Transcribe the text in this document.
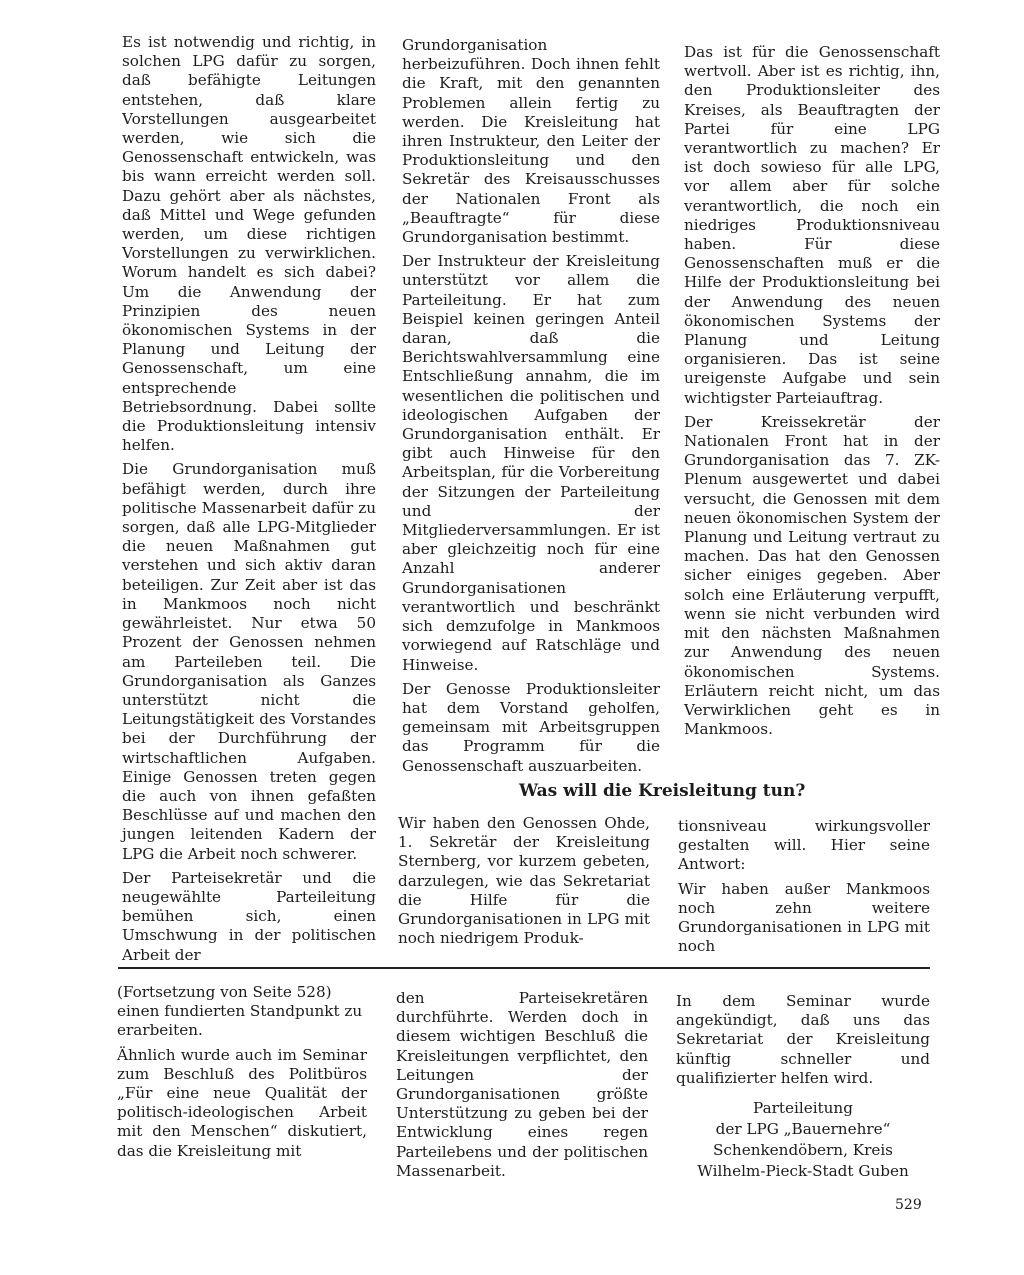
Es ist notwendig und richtig, in solchen LPG dafür zu sorgen, daß befähigte Leitungen entstehen, daß klare Vorstellungen ausgearbeitet werden, wie sich die Genossenschaft entwickeln, was bis wann erreicht werden soll. Dazu gehört aber als nächstes, daß Mittel und Wege gefunden werden, um diese richtigen Vorstellungen zu verwirklichen. Worum handelt es sich dabei? Um die Anwendung der Prinzipien des neuen ökonomischen Systems in der Planung und Leitung der Genossenschaft, um eine entsprechende Betriebsordnung. Dabei sollte die Produktionsleitung intensiv helfen.

Die Grundorganisation muß befähigt werden, durch ihre politische Massenarbeit dafür zu sorgen, daß alle LPG-Mitglieder die neuen Maßnahmen gut verstehen und sich aktiv daran beteiligen. Zur Zeit aber ist das in Mankmoos noch nicht gewährleistet. Nur etwa 50 Prozent der Genossen nehmen am Parteileben teil. Die Grundorganisation als Ganzes unterstützt nicht die Leitungstätigkeit des Vorstandes bei der Durchführung der wirtschaftlichen Aufgaben. Einige Genossen treten gegen die auch von ihnen gefaßten Beschlüsse auf und machen den jungen leitenden Kadern der LPG die Arbeit noch schwerer.

Der Parteisekretär und die neugewählte Parteileitung bemühen sich, einen Umschwung in der politischen Arbeit der

Grundorganisation herbeizuführen. Doch ihnen fehlt die Kraft, mit den genannten Problemen allein fertig zu werden. Die Kreisleitung hat ihren Instrukteur, den Leiter der Produktionsleitung und den Sekretär des Kreisausschusses der Nationalen Front als „Beauftragte“ für diese Grundorganisation bestimmt.

Der Instrukteur der Kreisleitung unterstützt vor allem die Parteileitung. Er hat zum Beispiel keinen geringen Anteil daran, daß die Berichtswahlversammlung eine Entschließung annahm, die im wesentlichen die politischen und ideologischen Aufgaben der Grundorganisation enthält. Er gibt auch Hinweise für den Arbeitsplan, für die Vorbereitung der Sitzungen der Parteileitung und der Mitgliederversammlungen. Er ist aber gleichzeitig noch für eine Anzahl anderer Grundorganisationen verantwortlich und beschränkt sich demzufolge in Mankmoos vorwiegend auf Ratschläge und Hinweise.

Der Genosse Produktionsleiter hat dem Vorstand geholfen, gemeinsam mit Arbeitsgruppen das Programm für die Genossenschaft auszuarbeiten.

Das ist für die Genossenschaft wertvoll. Aber ist es richtig, ihn, den Produktionsleiter des Kreises, als Beauftragten der Partei für eine LPG verantwortlich zu machen? Er ist doch sowieso für alle LPG, vor allem aber für solche verantwortlich, die noch ein niedriges Produktionsniveau haben. Für diese Genossenschaften muß er die Hilfe der Produktionsleitung bei der Anwendung des neuen ökonomischen Systems der Planung und Leitung organisieren. Das ist seine ureigenste Aufgabe und sein wichtigster Parteiauftrag.

Der Kreissekretär der Nationalen Front hat in der Grundorganisation das 7. ZK-Plenum ausgewertet und dabei versucht, die Genossen mit dem neuen ökonomischen System der Planung und Leitung vertraut zu machen. Das hat den Genossen sicher einiges gegeben. Aber solch eine Erläuterung verpufft, wenn sie nicht verbunden wird mit den nächsten Maßnahmen zur Anwendung des neuen ökonomischen Systems. Erläutern reicht nicht, um das Verwirklichen geht es in Mankmoos.

Was will die Kreisleitung tun?

Wir haben den Genossen Ohde, 1. Sekretär der Kreisleitung Sternberg, vor kurzem gebeten, darzulegen, wie das Sekretariat die Hilfe für die Grundorganisationen in LPG mit noch niedrigem Produk-

tionsniveau wirkungsvoller gestalten will. Hier seine Antwort:

Wir haben außer Mankmoos noch zehn weitere Grundorganisationen in LPG mit noch

(Fortsetzung von Seite 528) einen fundierten Standpunkt zu erarbeiten.

Ähnlich wurde auch im Seminar zum Beschluß des Politbüros „Für eine neue Qualität der politisch-ideologischen Arbeit mit den Menschen“ diskutiert, das die Kreisleitung mit

den Parteisekretären durchführte. Werden doch in diesem wichtigen Beschluß die Kreisleitungen verpflichtet, den Leitungen der Grundorganisationen größte Unterstützung zu geben bei der Entwicklung eines regen Parteilebens und der politischen Massenarbeit.

In dem Seminar wurde angekündigt, daß uns das Sekretariat der Kreisleitung künftig schneller und qualifizierter helfen wird.

Parteileitung

der LPG „Bauernehre“

Schenkendöbern, Kreis

Wilhelm-Pieck-Stadt Guben

529
